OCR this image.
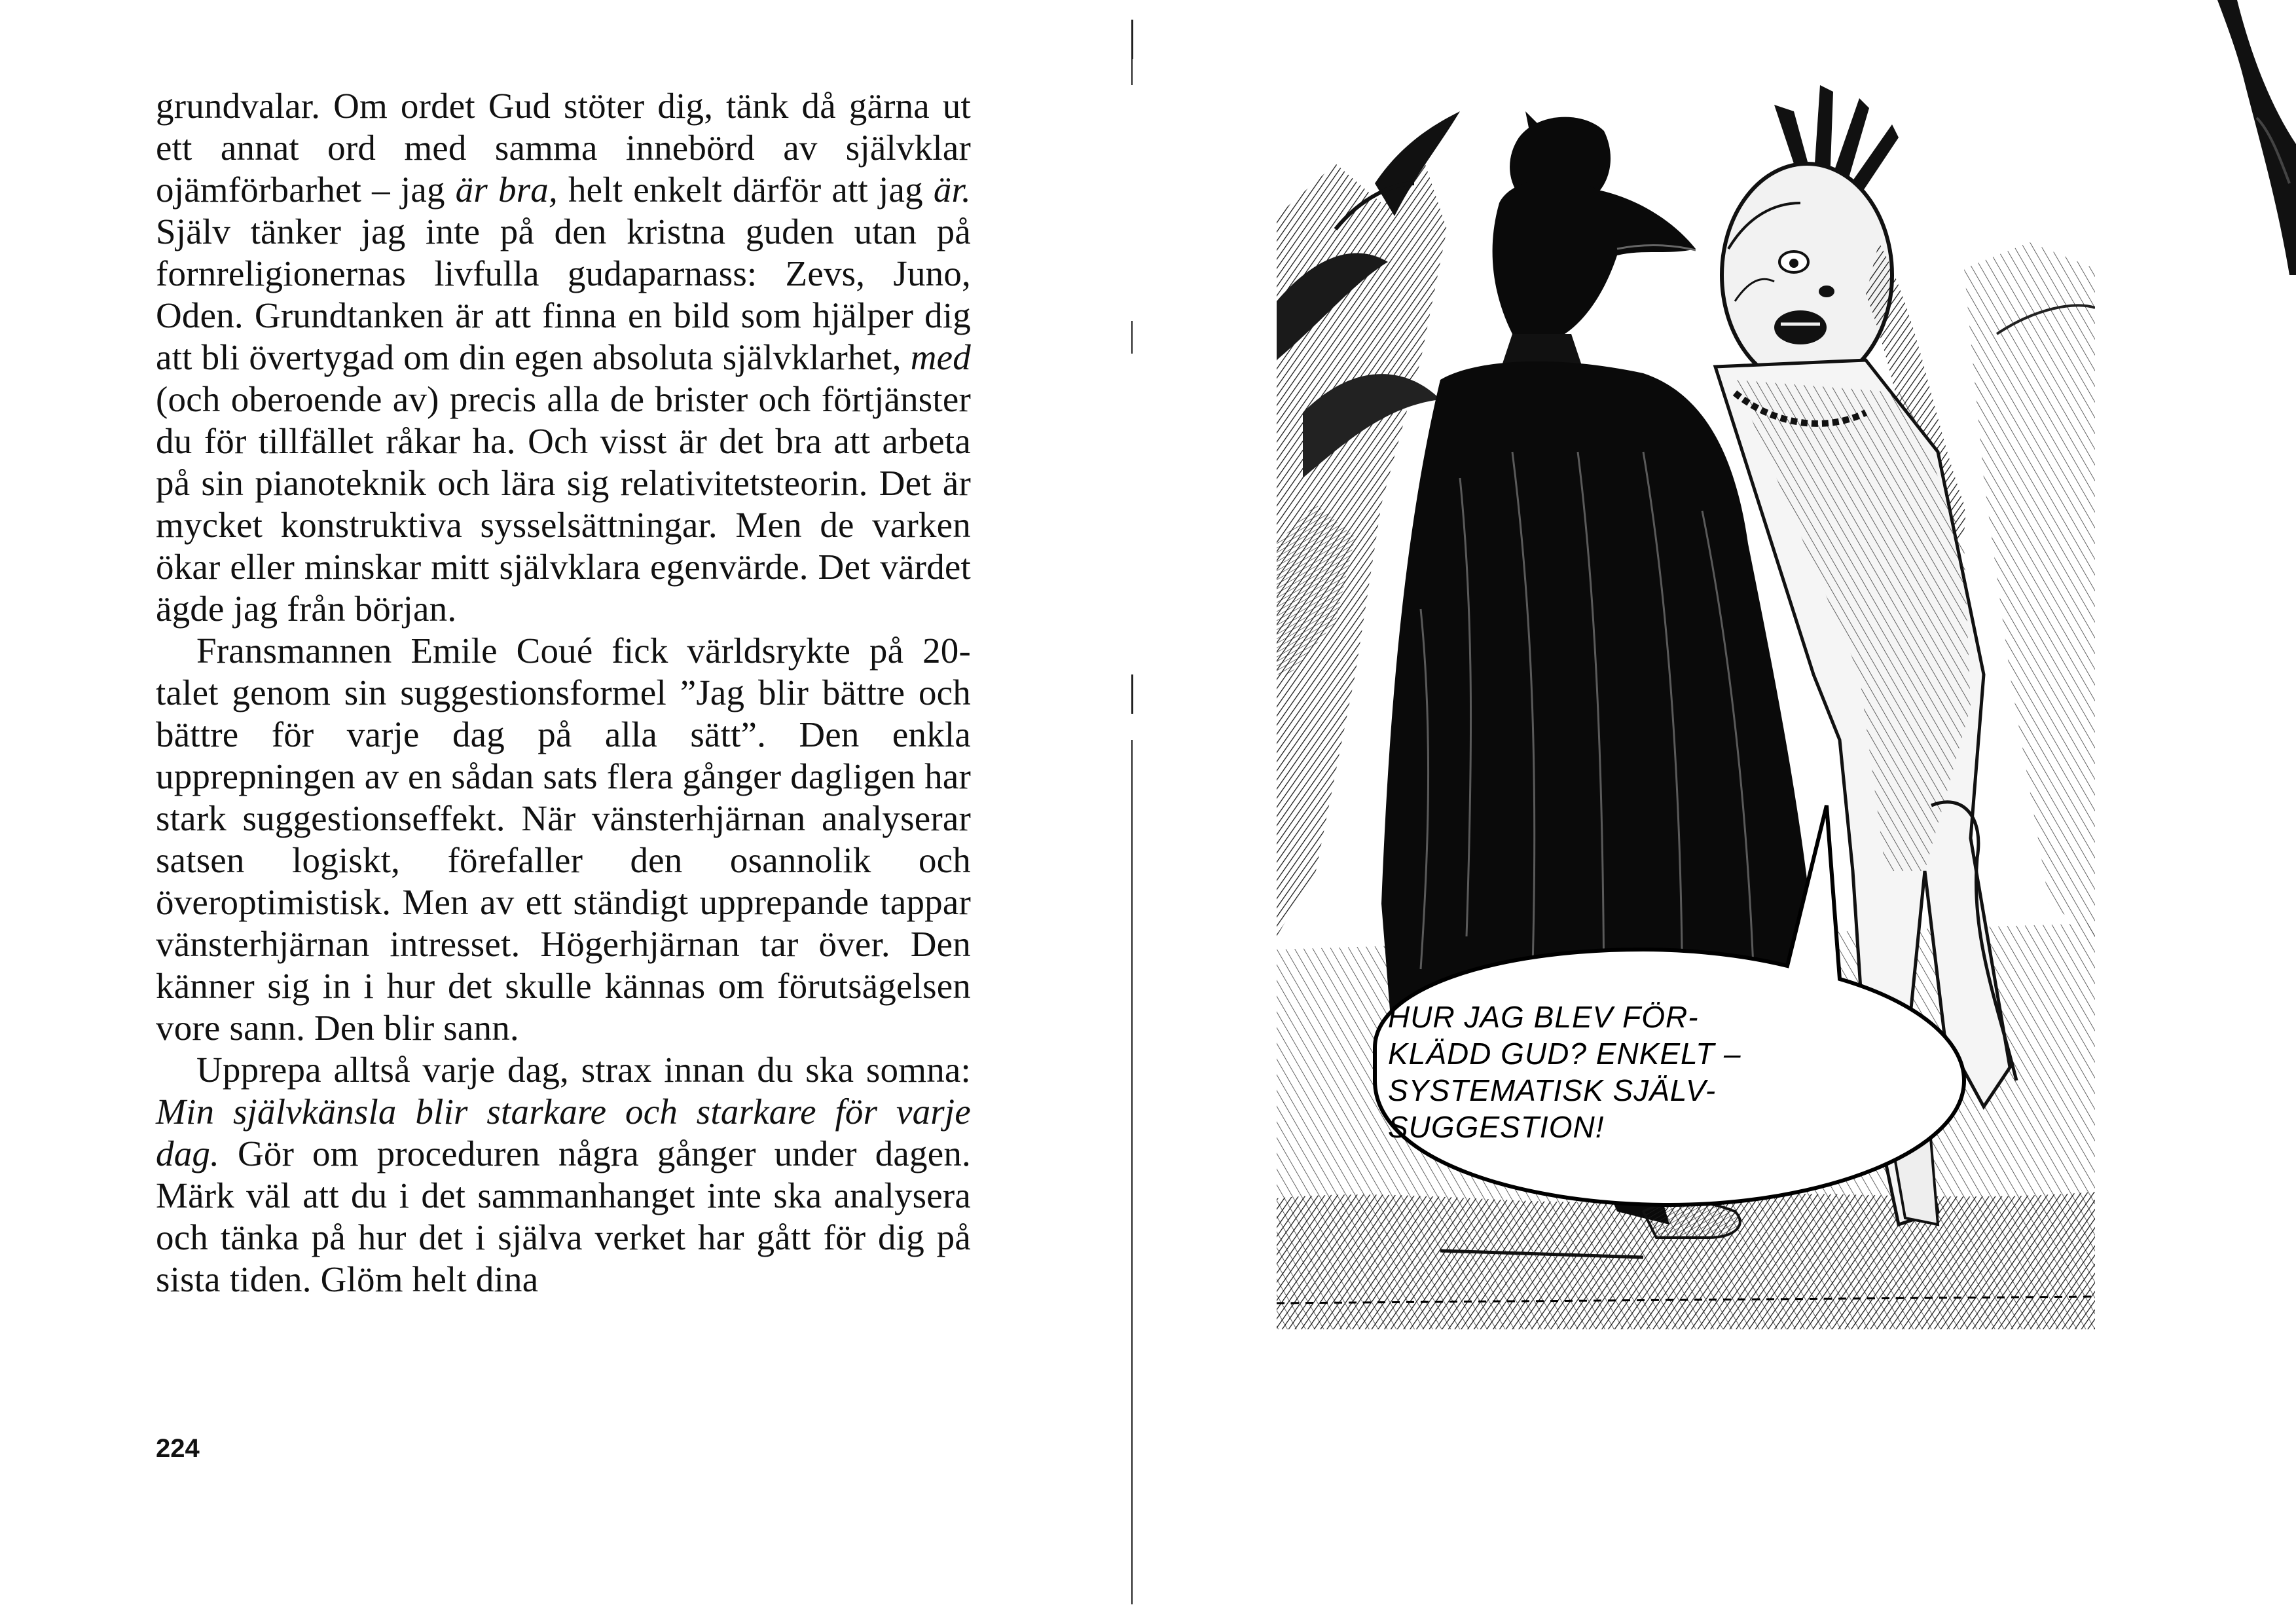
grundvalar. Om ordet Gud stöter dig, tänk då gärna ut ett annat ord med samma innebörd av självklar ojämförbarhet – jag är bra, helt enkelt därför att jag är. Själv tänker jag inte på den kristna guden utan på fornreligionernas livfulla gudaparnass: Zevs, Juno, Oden. Grundtanken är att finna en bild som hjälper dig att bli övertygad om din egen absoluta självklarhet, med (och oberoende av) precis alla de brister och förtjänster du för tillfället råkar ha. Och visst är det bra att arbeta på sin pianoteknik och lära sig relativitetsteorin. Det är mycket konstruktiva sysselsättningar. Men de varken ökar eller minskar mitt självklara egenvärde. Det värdet ägde jag från början.

Fransmannen Emile Coué fick världsrykte på 20-talet genom sin suggestionsformel ”Jag blir bättre och bättre för varje dag på alla sätt”. Den enkla upprepningen av en sådan sats flera gånger dagligen har stark suggestionseffekt. När vänsterhjärnan analyserar satsen logiskt, förefaller den osannolik och överoptimistisk. Men av ett ständigt upprepande tappar vänsterhjärnan intresset. Högerhjärnan tar över. Den känner sig in i hur det skulle kännas om förutsägelsen vore sann. Den blir sann.

Upprepa alltså varje dag, strax innan du ska somna: Min självkänsla blir starkare och starkare för varje dag. Gör om proceduren några gånger under dagen. Märk väl att du i det sammanhanget inte ska analysera och tänka på hur det i själva verket har gått för dig på sista tiden. Glöm helt dina

224
HUR JAG BLEV FÖR-
KLÄDD GUD? ENKELT –
SYSTEMATISK SJÄLV-
SUGGESTION!
